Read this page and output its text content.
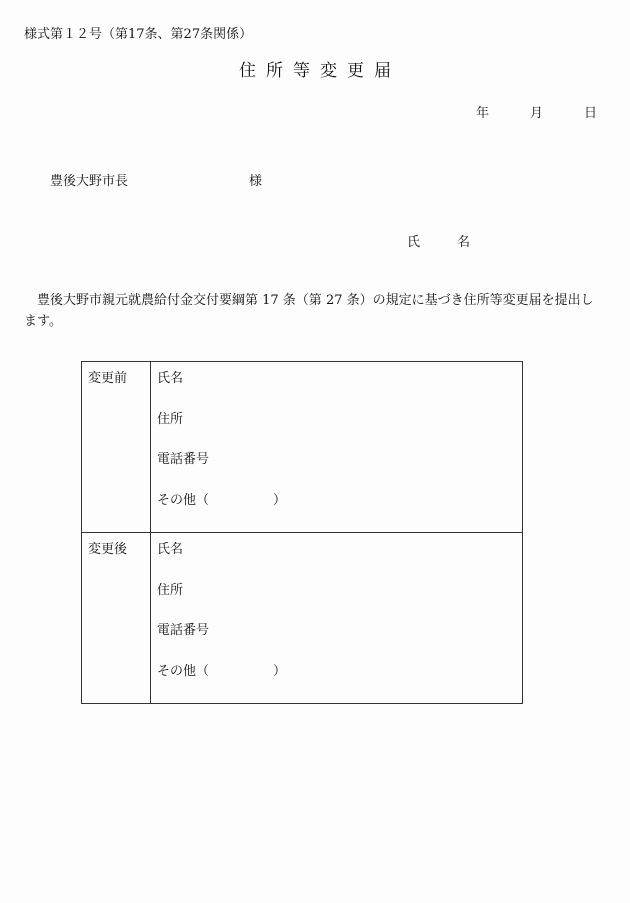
様式第１２号（第17条、第27条関係）
住所等変更届
年	月	日
豊後大野市長	様
氏　名
豊後大野市親元就農給付金交付要綱第 17 条（第 27 条）の規定に基づき住所等変更届を提出します。
変更前	氏名
住所
電話番号
その他（ ）

変更後	氏名
住所
電話番号
その他（ ）
